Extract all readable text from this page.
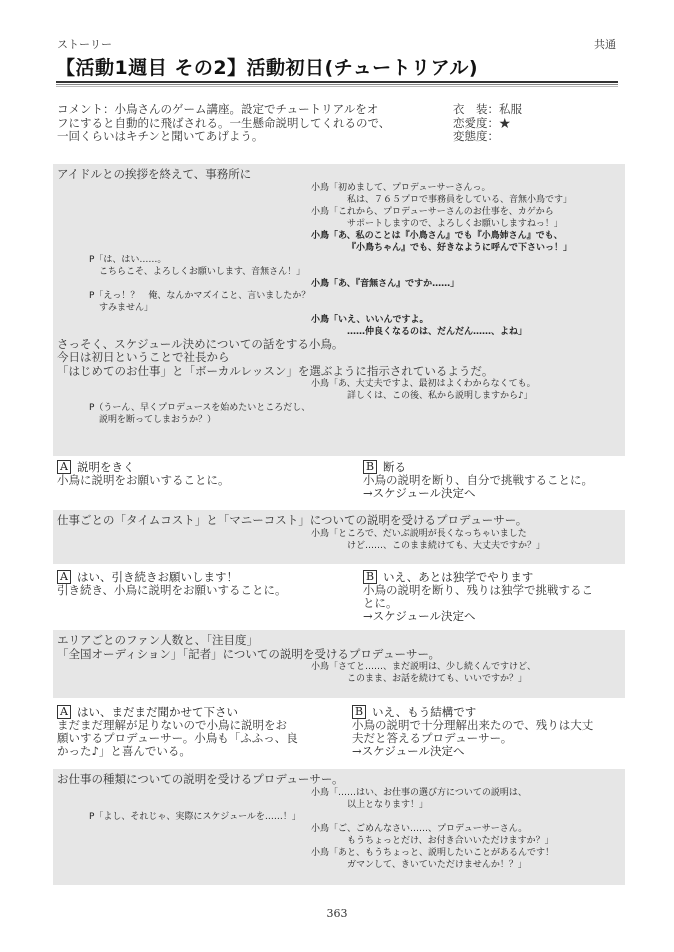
ストーリー	共通
【活動1週目 その2】活動初日(チュートリアル)
コメント：小鳥さんのゲーム講座。設定でチュートリアルをオ
フにすると自動的に飛ばされる。一生懸命説明してくれるので、
一回くらいはキチンと聞いてあげよう。
衣　装：私服
恋愛度：★
変態度：
アイドルとの挨拶を終えて、事務所に
小鳥「初めまして、プロデューサーさんっ。
私は、７６５プロで事務員をしている、音無小鳥です」
小鳥「これから、プロデューサーさんのお仕事を、カゲから
サポートしますので、よろしくお願いしますねっ！」
小鳥「あ、私のことは『小鳥さん』でも『小鳥姉さん』でも、
『小鳥ちゃん』でも、好きなように呼んで下さいっ！」
P「は、はい……。
こちらこそ、よろしくお願いします、音無さん！」
小鳥「あ、『音無さん』ですか……」
P「えっ！？　俺、なんかマズイこと、言いましたか？
すみません」
小鳥「いえ、いいんですよ。
……仲良くなるのは、だんだん……、よね」
さっそく、スケジュール決めについての話をする小鳥。
今日は初日ということで社長から
「はじめてのお仕事」と「ボーカルレッスン」を選ぶように指示されているようだ。
小鳥「あ、大丈夫ですよ、最初はよくわからなくても。
詳しくは、この後、私から説明しますから♪」
P（うーん、早くプロデュースを始めたいところだし、
説明を断ってしまおうか？）
A 説明をきく
小鳥に説明をお願いすることに。
B 断る
小鳥の説明を断り、自分で挑戦することに。
→スケジュール決定へ
仕事ごとの「タイムコスト」と「マニーコスト」についての説明を受けるプロデューサー。
小鳥「ところで、だいぶ説明が長くなっちゃいました
けど……、このまま続けても、大丈夫ですか？」
A はい、引き続きお願いします！
引き続き、小鳥に説明をお願いすることに。
B いえ、あとは独学でやります
小鳥の説明を断り、残りは独学で挑戦するこ
とに。
→スケジュール決定へ
エリアごとのファン人数と、「注目度」
「全国オーディション」「記者」についての説明を受けるプロデューサー。
小鳥「さてと……、まだ説明は、少し続くんですけど、
このまま、お話を続けても、いいですか？」
A はい、まだまだ聞かせて下さい
まだまだ理解が足りないので小鳥に説明をお
願いするプロデューサー。小鳥も「ふふっ、良
かった♪」と喜んでいる。
B いえ、もう結構です
小鳥の説明で十分理解出来たので、残りは大丈
夫だと答えるプロデューサー。
→スケジュール決定へ
お仕事の種類についての説明を受けるプロデューサー。
小鳥「……はい、お仕事の選び方についての説明は、
以上となります！」
P「よし、それじゃ、実際にスケジュールを……！」
小鳥「ご、ごめんなさい……、プロデューサーさん。
もうちょっとだけ、お付き合いいただけますか？」
小鳥「あと、もうちょっと、説明したいことがあるんです！
ガマンして、きいていただけませんか！？」
363
